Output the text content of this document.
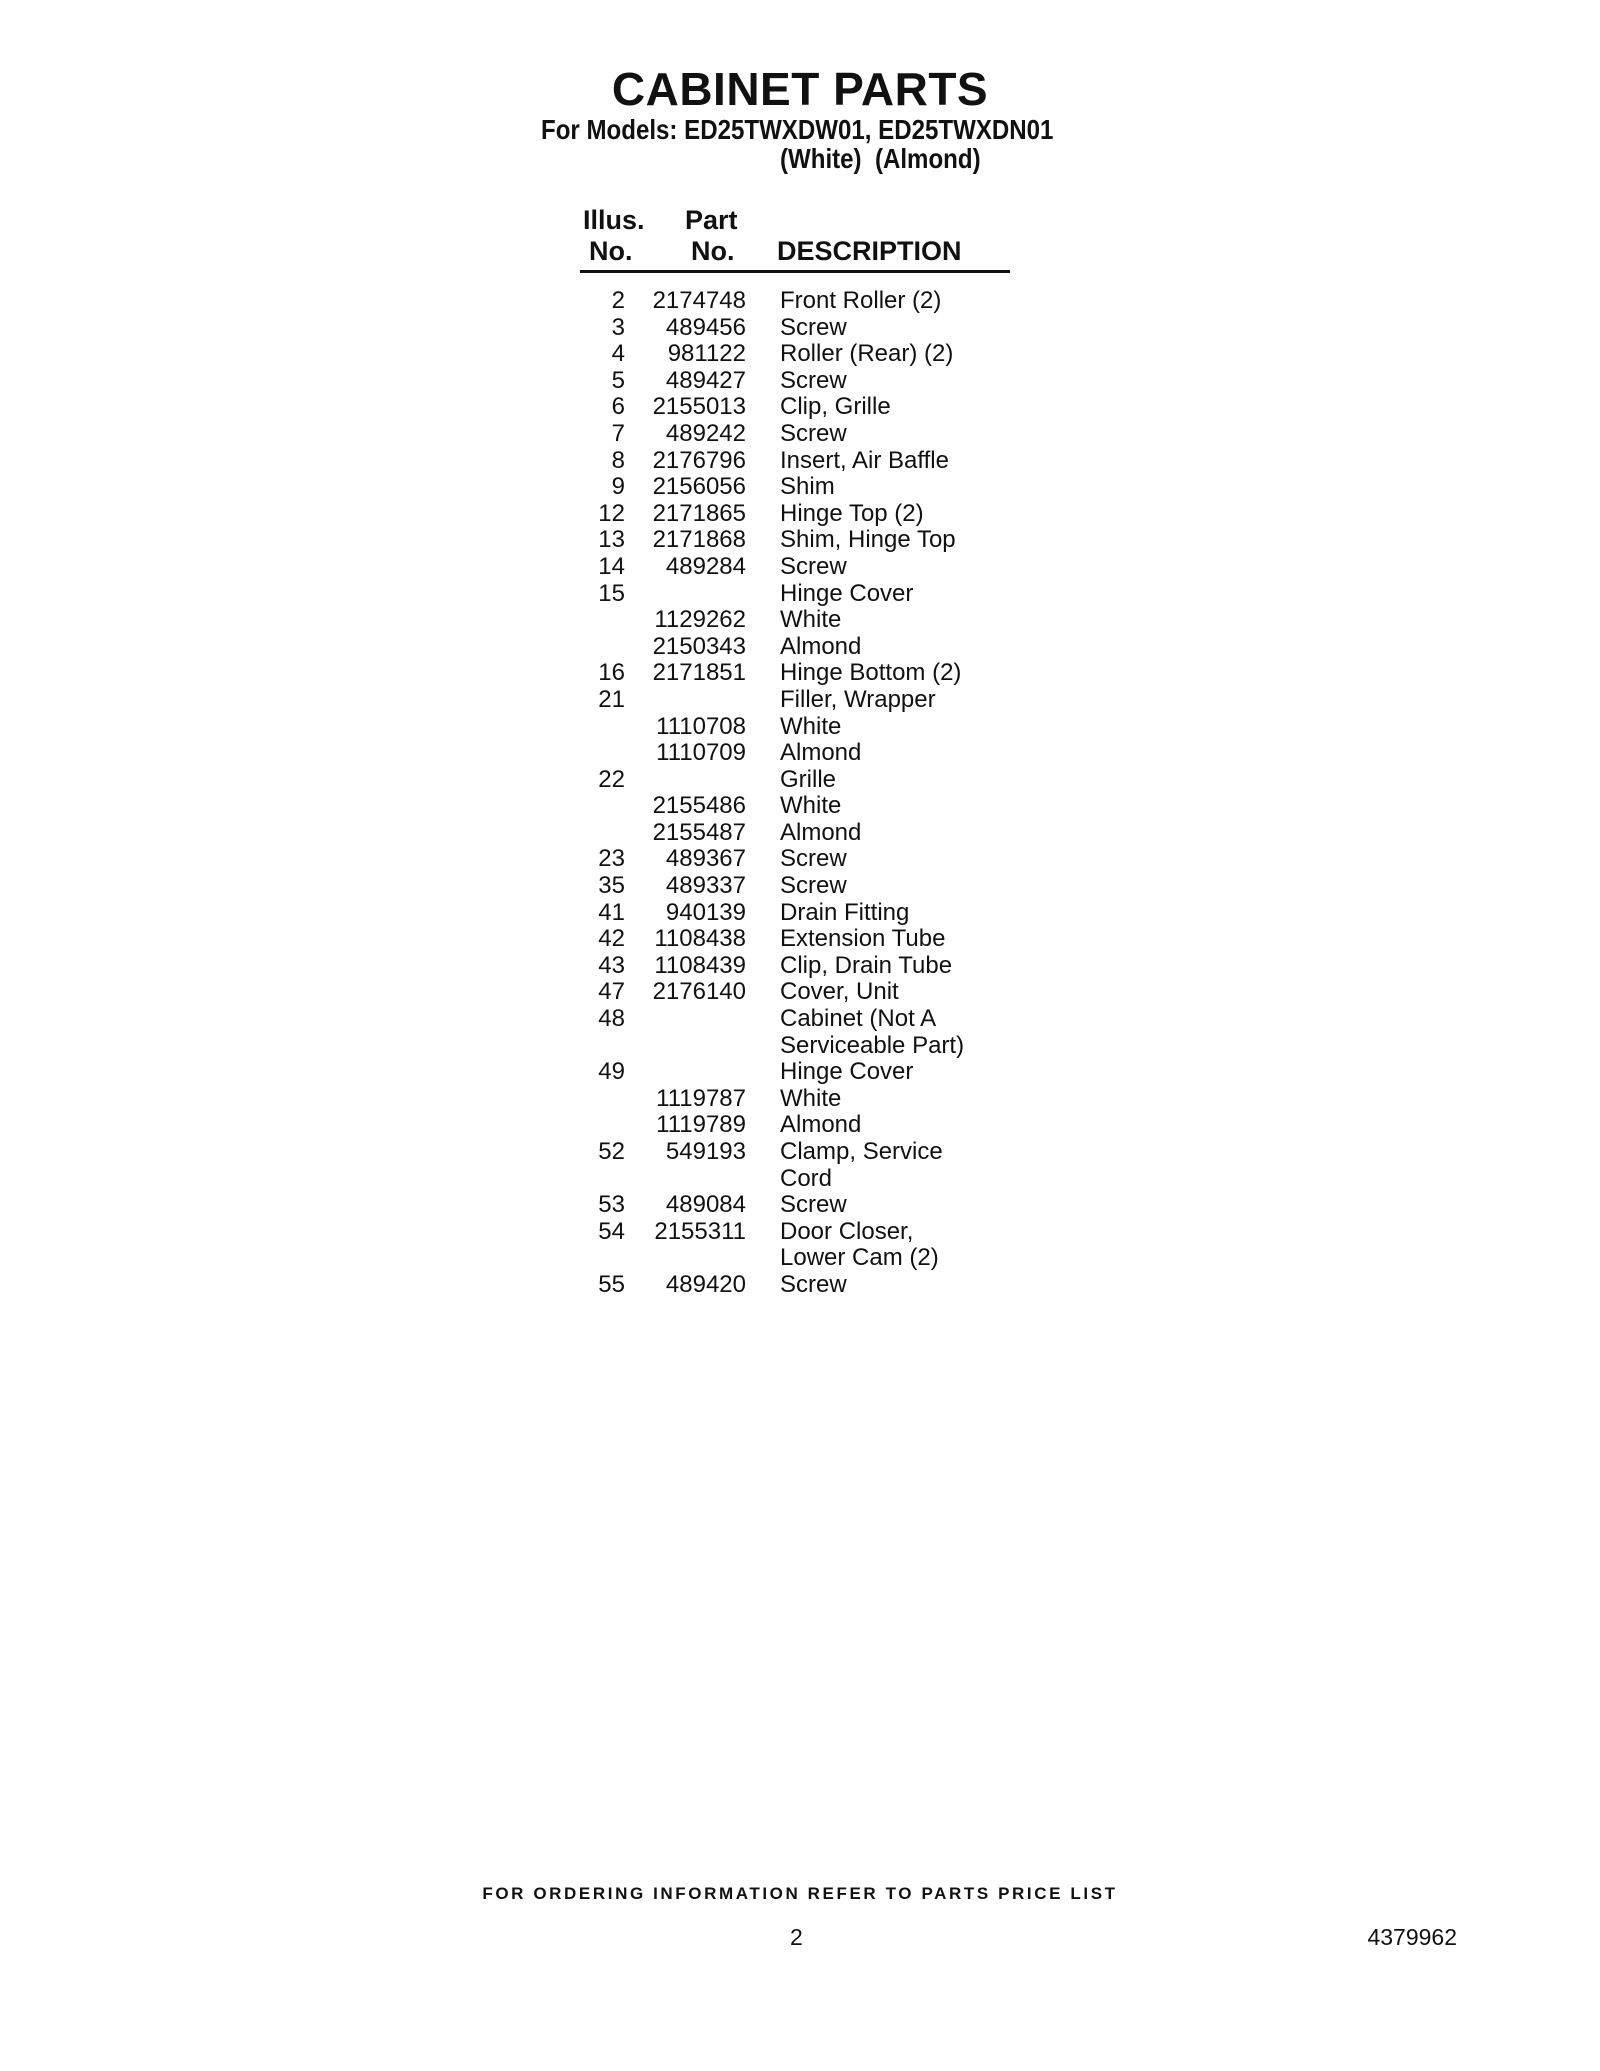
CABINET PARTS
For Models: ED25TWXDW01, ED25TWXDN01
(White)  (Almond)
Illus.
No.
Part
No. DESCRIPTION
2	2174748 Front Roller (2)
3	489456 Screw
4	981122 Roller (Rear) (2)
5	489427 Screw
6	2155013 Clip, Grille
7	489242 Screw
8	2176796 Insert, Air Baffle
9	2156056 Shim
12	2171865 Hinge Top (2)
13	2171868 Shim, Hinge Top
14	489284 Screw
15	Hinge Cover
1129262 White
2150343 Almond
16	2171851 Hinge Bottom (2)
21	Filler, Wrapper
1110708 White
1110709 Almond
22	Grille
2155486 White
2155487 Almond
23	489367 Screw
35	489337 Screw
41	940139 Drain Fitting
42	1108438 Extension Tube
43	1108439 Clip, Drain Tube
47	2176140 Cover, Unit
48	Cabinet (Not A
Serviceable Part)
49	Hinge Cover
1119787 White
1119789 Almond
52	549193 Clamp, Service
Cord
53	489084 Screw
54	2155311 Door Closer,
Lower Cam (2)
55	489420 Screw
FOR ORDERING INFORMATION REFER TO PARTS PRICE LIST
2	4379962
